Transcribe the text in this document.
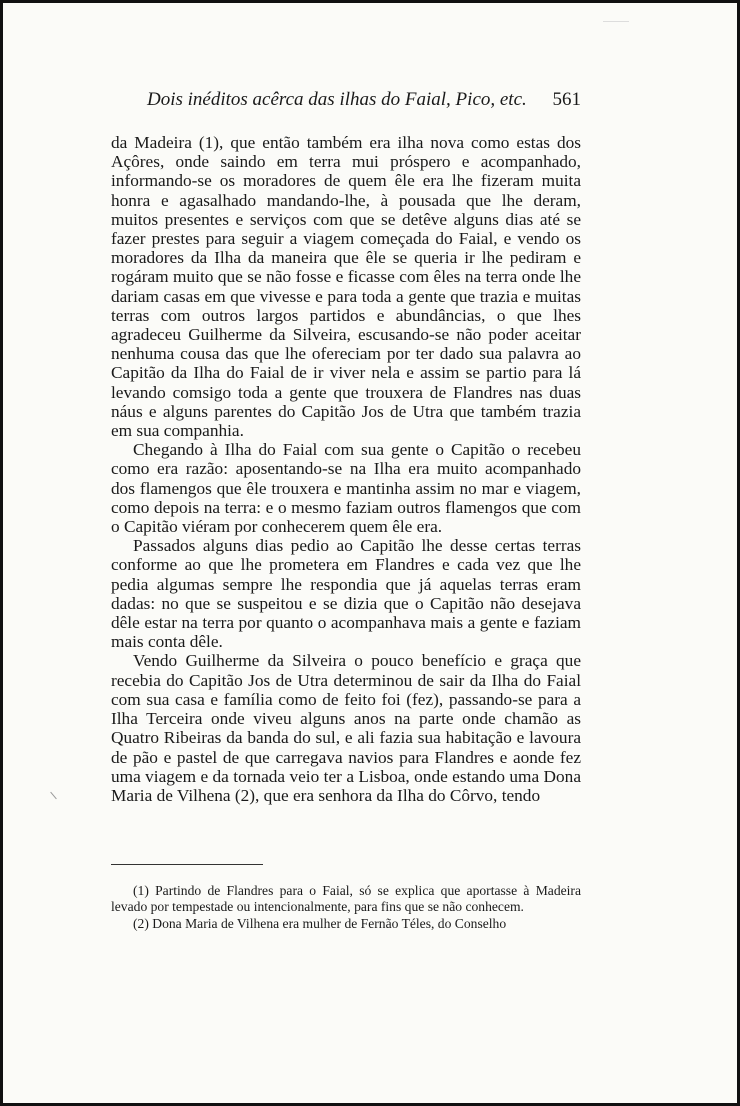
Dois inéditos acêrca das ilhas do Faial, Pico, etc. 561

da Madeira (1), que então também era ilha nova como estas dos Açôres, onde saindo em terra mui próspero e acompanhado, informando-se os moradores de quem êle era lhe fizeram muita honra e agasalhado mandando-lhe, à pousada que lhe deram, muitos presentes e serviços com que se detêve alguns dias até se fazer prestes para seguir a viagem começada do Faial, e vendo os moradores da Ilha da maneira que êle se queria ir lhe pediram e rogáram muito que se não fosse e ficasse com êles na terra onde lhe dariam casas em que vivesse e para toda a gente que trazia e muitas terras com outros largos partidos e abundâncias, o que lhes agradeceu Guilherme da Silveira, escusando-se não poder aceitar nenhuma cousa das que lhe ofereciam por ter dado sua palavra ao Capitão da Ilha do Faial de ir viver nela e assim se partio para lá levando comsigo toda a gente que trouxera de Flandres nas duas náus e alguns parentes do Capitão Jos de Utra que também trazia em sua companhia.

Chegando à Ilha do Faial com sua gente o Capitão o recebeu como era razão: aposentando-se na Ilha era muito acompanhado dos flamengos que êle trouxera e mantinha assim no mar e viagem, como depois na terra: e o mesmo faziam outros flamengos que com o Capitão viéram por conhecerem quem êle era.

Passados alguns dias pedio ao Capitão lhe desse certas terras conforme ao que lhe prometera em Flandres e cada vez que lhe pedia algumas sempre lhe respondia que já aquelas terras eram dadas: no que se suspeitou e se dizia que o Capitão não desejava dêle estar na terra por quanto o acompanhava mais a gente e faziam mais conta dêle.

Vendo Guilherme da Silveira o pouco benefício e graça que recebia do Capitão Jos de Utra determinou de sair da Ilha do Faial com sua casa e família como de feito foi (fez), passando-se para a Ilha Terceira onde viveu alguns anos na parte onde chamão as Quatro Ribeiras da banda do sul, e ali fazia sua habitação e lavoura de pão e pastel de que carregava navios para Flandres e aonde fez uma viagem e da tornada veio ter a Lisboa, onde estando uma Dona Maria de Vilhena (2), que era senhora da Ilha do Côrvo, tendo

(1) Partindo de Flandres para o Faial, só se explica que aportasse à Madeira levado por tempestade ou intencionalmente, para fins que se não conhecem.

(2) Dona Maria de Vilhena era mulher de Fernão Téles, do Conselho
